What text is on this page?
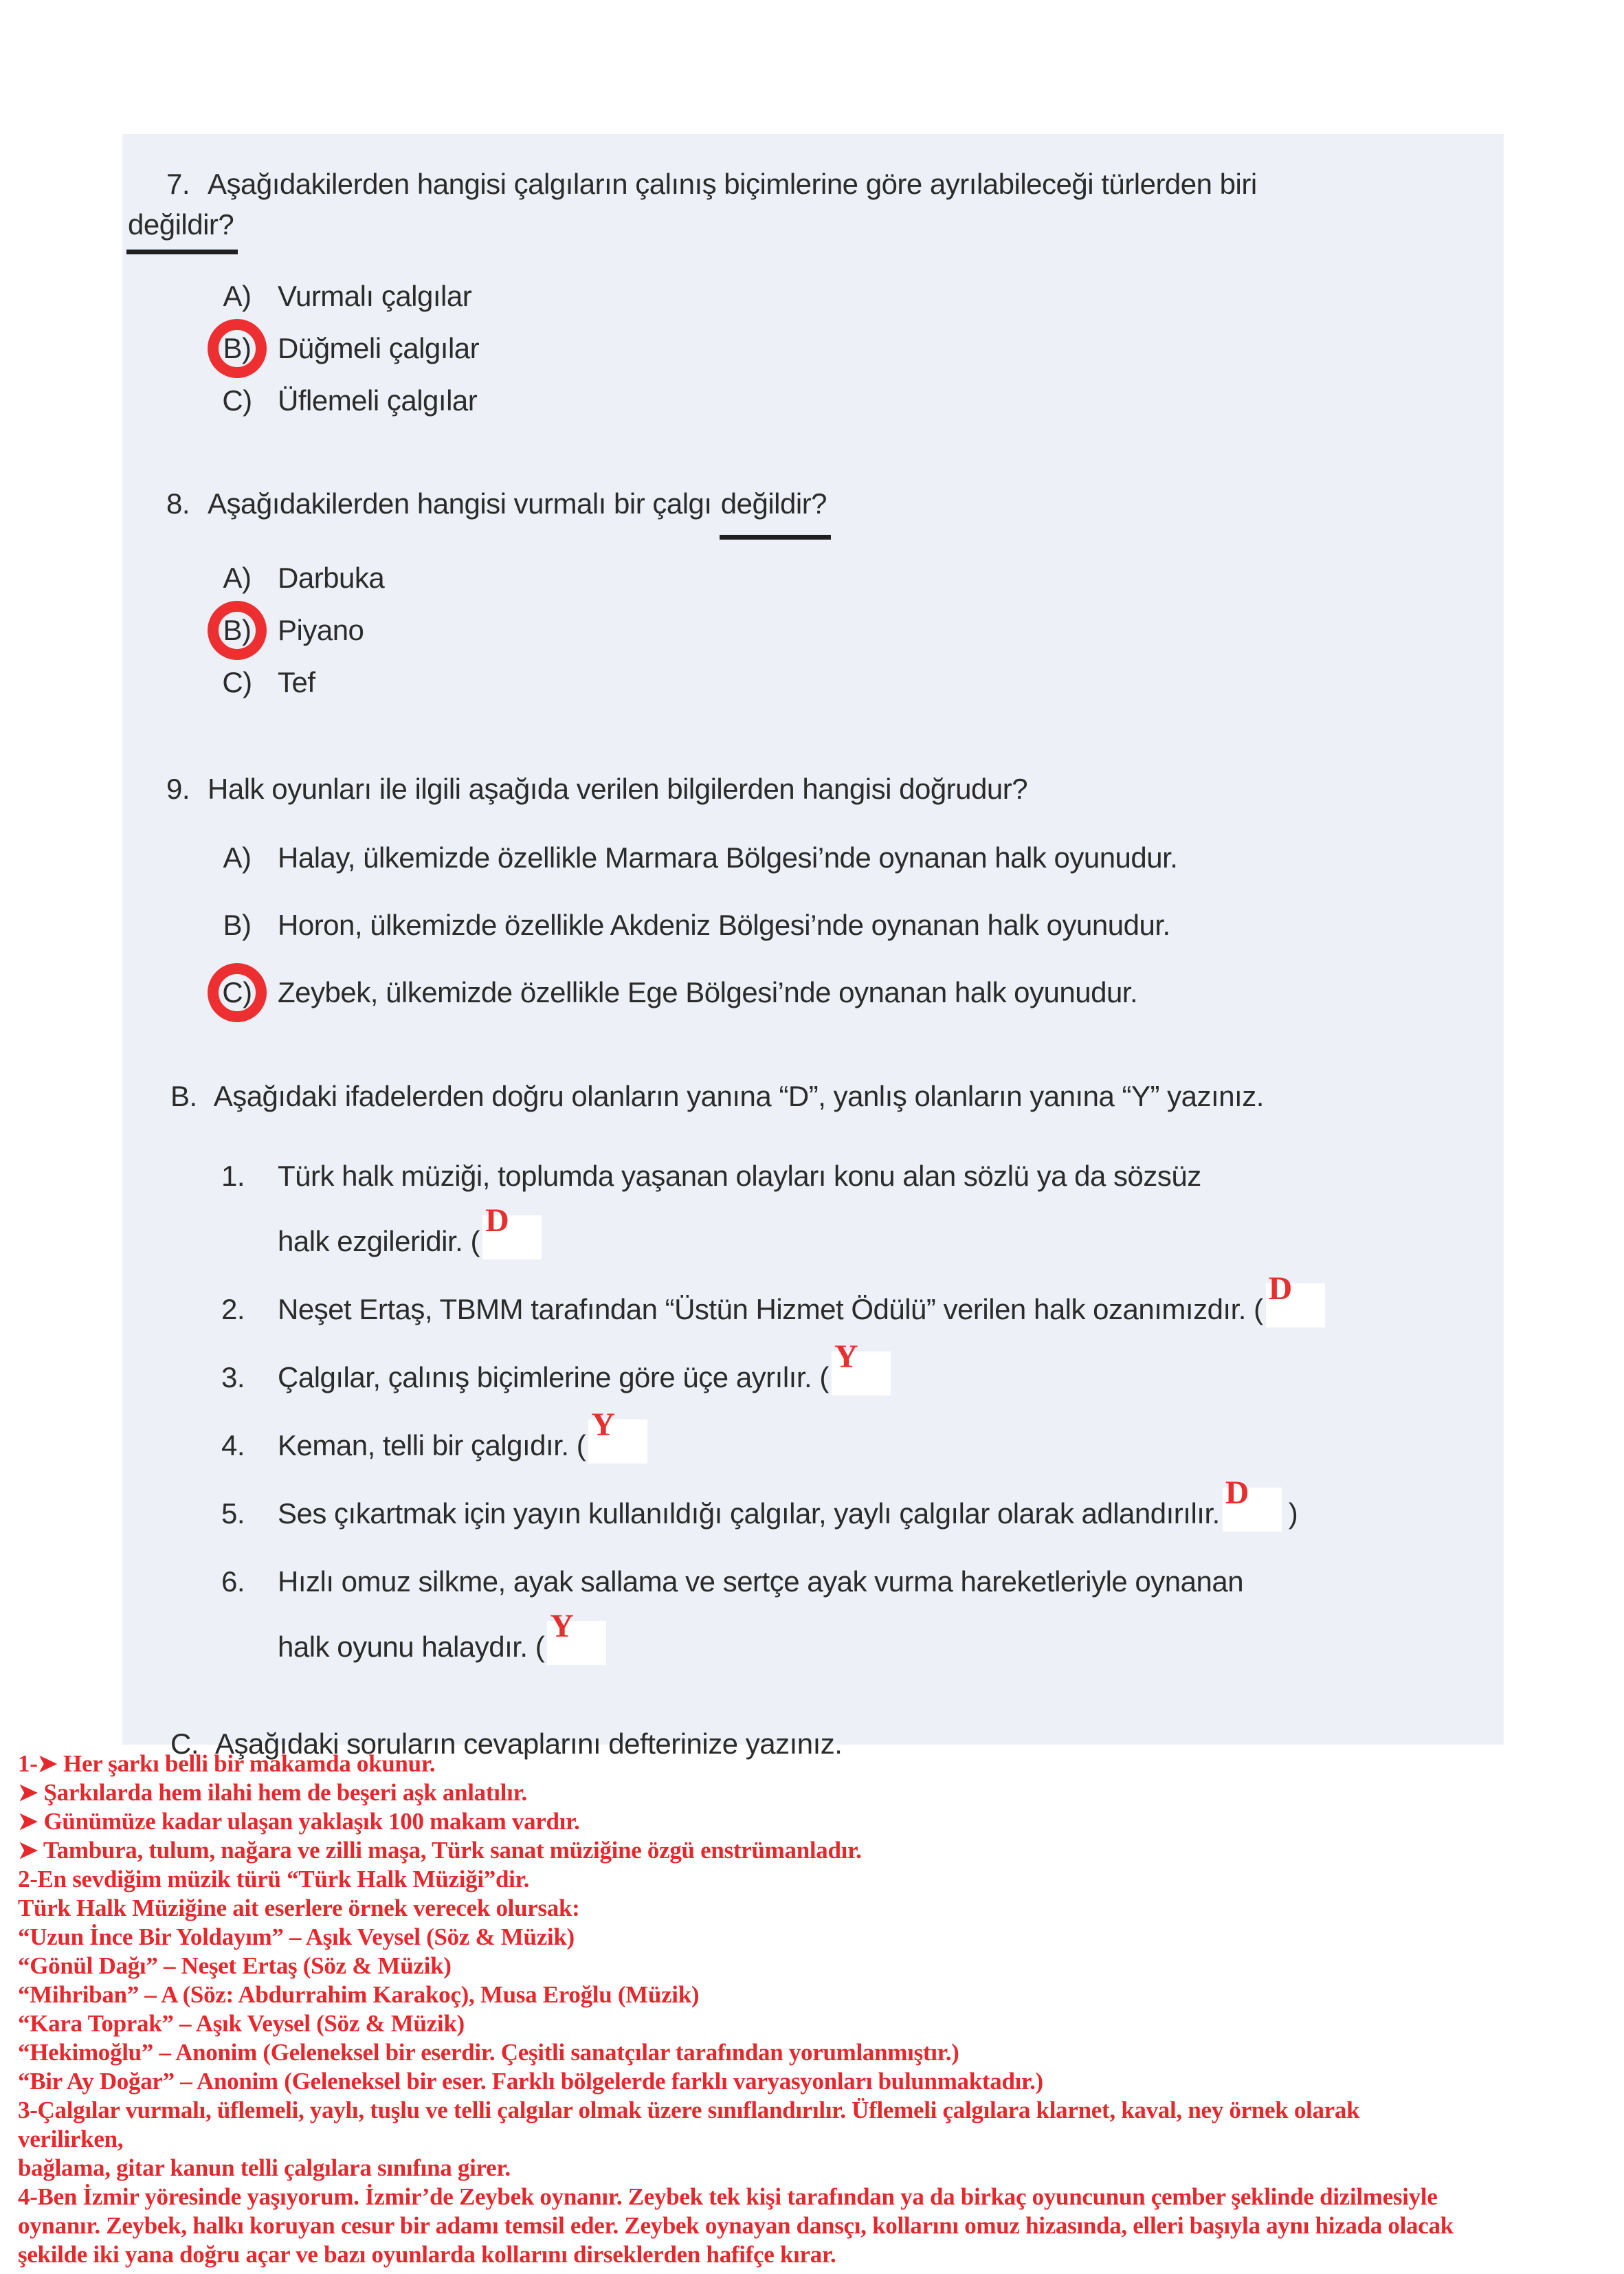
7. Aşağıdakilerden hangisi çalgıların çalınış biçimlerine göre ayrılabileceği türlerden biri
değildir?
A) Vurmalı çalgılar
B) Düğmeli çalgılar
C) Üflemeli çalgılar
8. Aşağıdakilerden hangisi vurmalı bir çalgı değildir?
A) Darbuka
B) Piyano
C) Tef
9. Halk oyunları ile ilgili aşağıda verilen bilgilerden hangisi doğrudur?
A) Halay, ülkemizde özellikle Marmara Bölgesi’nde oynanan halk oyunudur.
B) Horon, ülkemizde özellikle Akdeniz Bölgesi’nde oynanan halk oyunudur.
C) Zeybek, ülkemizde özellikle Ege Bölgesi’nde oynanan halk oyunudur.
B. Aşağıdaki ifadelerden doğru olanların yanına “D”, yanlış olanların yanına “Y” yazınız.
1.	Türk halk müziği, toplumda yaşanan olayları konu alan sözlü ya da sözsüz
halk ezgileridir. (
D
2.	Neşet Ertaş, TBMM tarafından “Üstün Hizmet Ödülü” verilen halk ozanımızdır. (
D
3.	Çalgılar, çalınış biçimlerine göre üçe ayrılır. (
Y
4.	Keman, telli bir çalgıdır. (
Y
5.	Ses çıkartmak için yayın kullanıldığı çalgılar, yaylı çalgılar olarak adlandırılır.
D
)
6.	Hızlı omuz silkme, ayak sallama ve sertçe ayak vurma hareketleriyle oynanan
halk oyunu halaydır. (
Y
C. Aşağıdaki soruların cevaplarını defterinize yazınız.
1-➤ Her şarkı belli bir makamda okunur.
➤ Şarkılarda hem ilahi hem de beşeri aşk anlatılır.
➤ Günümüze kadar ulaşan yaklaşık 100 makam vardır.
➤ Tambura, tulum, nağara ve zilli maşa, Türk sanat müziğine özgü enstrümanladır.
2-En sevdiğim müzik türü “Türk Halk Müziği”dir.
Türk Halk Müziğine ait eserlere örnek verecek olursak:
“Uzun İnce Bir Yoldayım” – Aşık Veysel (Söz & Müzik)
“Gönül Dağı” – Neşet Ertaş (Söz & Müzik)
“Mihriban” – A (Söz: Abdurrahim Karakoç), Musa Eroğlu (Müzik)
“Kara Toprak” – Aşık Veysel (Söz & Müzik)
“Hekimoğlu” – Anonim (Geleneksel bir eserdir. Çeşitli sanatçılar tarafından yorumlanmıştır.)
“Bir Ay Doğar” – Anonim (Geleneksel bir eser. Farklı bölgelerde farklı varyasyonları bulunmaktadır.)
3-Çalgılar vurmalı, üflemeli, yaylı, tuşlu ve telli çalgılar olmak üzere sınıflandırılır. Üflemeli çalgılara klarnet, kaval, ney örnek olarak
verilirken,
bağlama, gitar kanun telli çalgılara sınıfına girer.
4-Ben İzmir yöresinde yaşıyorum. İzmir’de Zeybek oynanır. Zeybek tek kişi tarafından ya da birkaç oyuncunun çember şeklinde dizilmesiyle
oynanır. Zeybek, halkı koruyan cesur bir adamı temsil eder. Zeybek oynayan dansçı, kollarını omuz hizasında, elleri başıyla aynı hizada olacak
şekilde iki yana doğru açar ve bazı oyunlarda kollarını dirseklerden hafifçe kırar.
